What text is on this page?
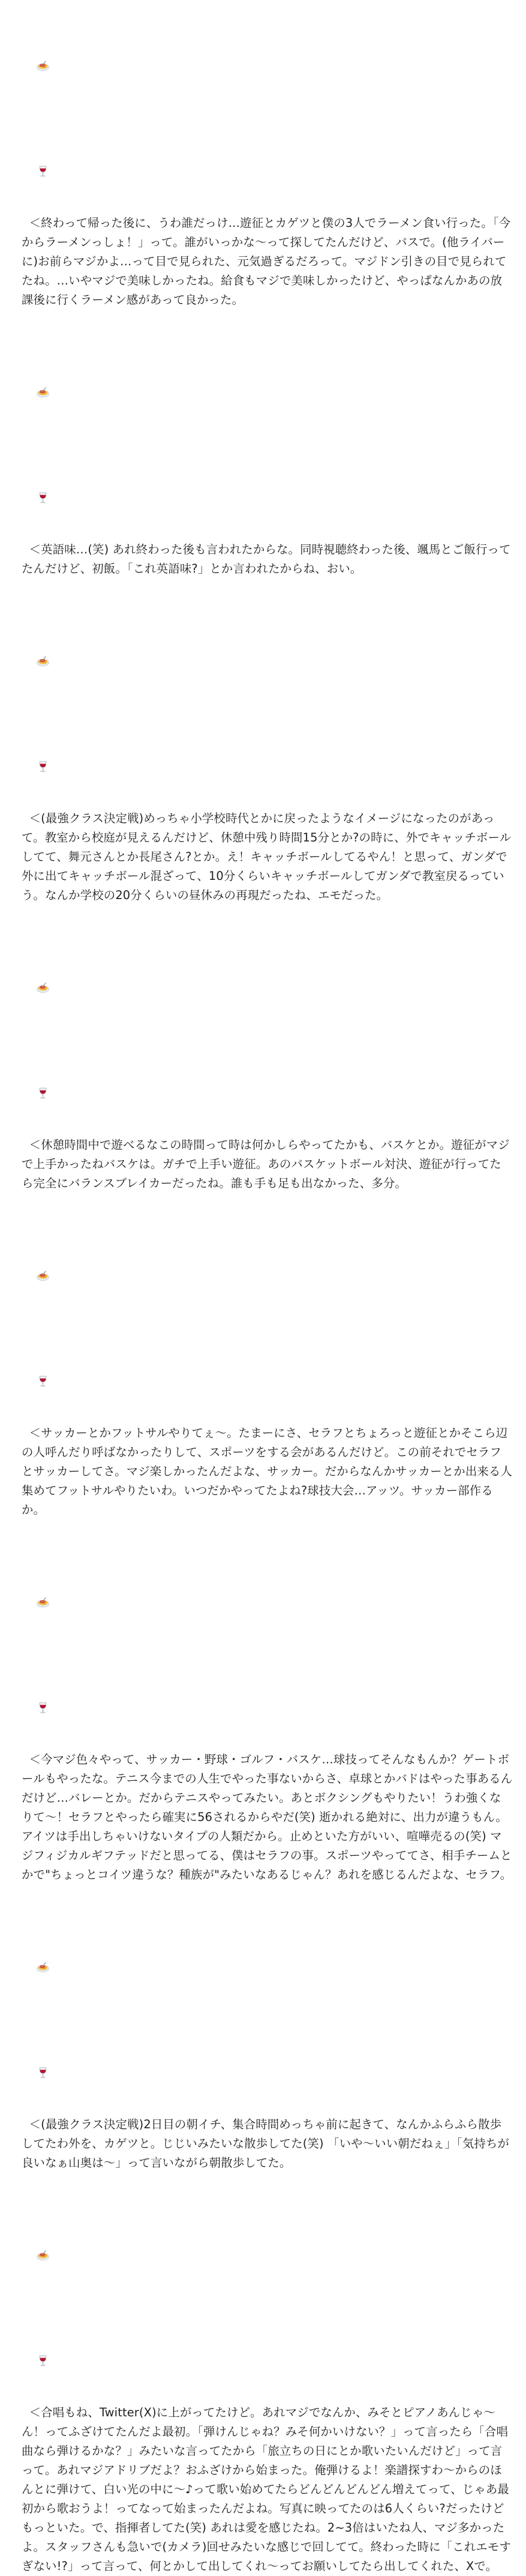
＜終わって帰った後に、うわ誰だっけ…遊征とカゲツと僕の3人でラーメン食い行った。「今からラーメンっしょ！」って。誰がいっかな〜って探してたんだけど、バスで。(他ライバーに)お前らマジかよ…って目で見られた、元気過ぎるだろって。マジドン引きの目で見られてたね。…いやマジで美味しかったね。給食もマジで美味しかったけど、やっぱなんかあの放課後に行くラーメン感があって良かった。

＜英語味…(笑) あれ終わった後も言われたからな。同時視聴終わった後、颯馬とご飯行ってたんだけど、初飯。「これ英語味?」とか言われたからね、おい。

＜(最強クラス決定戦)めっちゃ小学校時代とかに戻ったようなイメージになったのがあって。教室から校庭が見えるんだけど、休憩中残り時間15分とか?の時に、外でキャッチボールしてて、舞元さんとか長尾さん?とか。え！キャッチボールしてるやん！と思って、ガンダで外に出てキャッチボール混ざって、10分くらいキャッチボールしてガンダで教室戻るっていう。なんか学校の20分くらいの昼休みの再現だったね、エモだった。

＜休憩時間中で遊べるなこの時間って時は何かしらやってたかも、バスケとか。遊征がマジで上手かったねバスケは。ガチで上手い遊征。あのバスケットボール対決、遊征が行ってたら完全にバランスブレイカーだったね。誰も手も足も出なかった、多分。

＜サッカーとかフットサルやりてぇ〜。たまーにさ、セラフとちょろっと遊征とかそこら辺の人呼んだり呼ばなかったりして、スポーツをする会があるんだけど。この前それでセラフとサッカーしてさ。マジ楽しかったんだよな、サッカー。だからなんかサッカーとか出来る人集めてフットサルやりたいわ。いつだかやってたよね?球技大会…アッツ。サッカー部作るか。

＜今マジ色々やって、サッカー・野球・ゴルフ・バスケ…球技ってそんなもんか？ゲートボールもやったな。テニス今までの人生でやった事ないからさ、卓球とかバドはやった事あるんだけど…バレーとか。だからテニスやってみたい。あとボクシングもやりたい！うわ強くなりて〜！セラフとやったら確実に56されるからやだ(笑) 逝かれる絶対に、出力が違うもん。アイツは手出しちゃいけないタイプの人類だから。止めといた方がいい、喧嘩売るの(笑) マジフィジカルギフテッドだと思ってる、僕はセラフの事。スポーツやっててさ、相手チームとかで"ちょっとコイツ違うな？種族が"みたいなあるじゃん？あれを感じるんだよな、セラフ。

＜(最強クラス決定戦)2日目の朝イチ、集合時間めっちゃ前に起きて、なんかふらふら散歩してたわ外を、カゲツと。じじいみたいな散歩してた(笑) 「いや〜いい朝だねぇ」「気持ちが良いなぁ山奥は〜」って言いながら朝散歩してた。

＜合唱もね、Twitter(X)に上がってたけど。あれマジでなんか、みそとピアノあんじゃ〜ん！ってふざけてたんだよ最初。「弾けんじゃね？みそ何かいけない？」って言ったら「合唱曲なら弾けるかな？」みたいな言ってたから「旅立ちの日にとか歌いたいんだけど」って言って。あれマジアドリブだよ？おふざけから始まった。俺弾けるよ！楽譜探すわ〜からのほんとに弾けて、白い光の中に〜♪って歌い始めてたらどんどんどんどん増えてって、じゃあ最初から歌おうよ！ってなって始まったんだよね。写真に映ってたのは6人くらい?だったけどもっといた。で、指揮者してた(笑) あれは愛を感じたね。2~3倍はいたね人、マジ多かったよ。スタッフさんも急いで(カメラ)回せみたいな感じで回してて。終わった時に「これエモすぎない!?」って言って、何とかして出してくれ〜ってお願いしてたら出してくれた、Xで。
